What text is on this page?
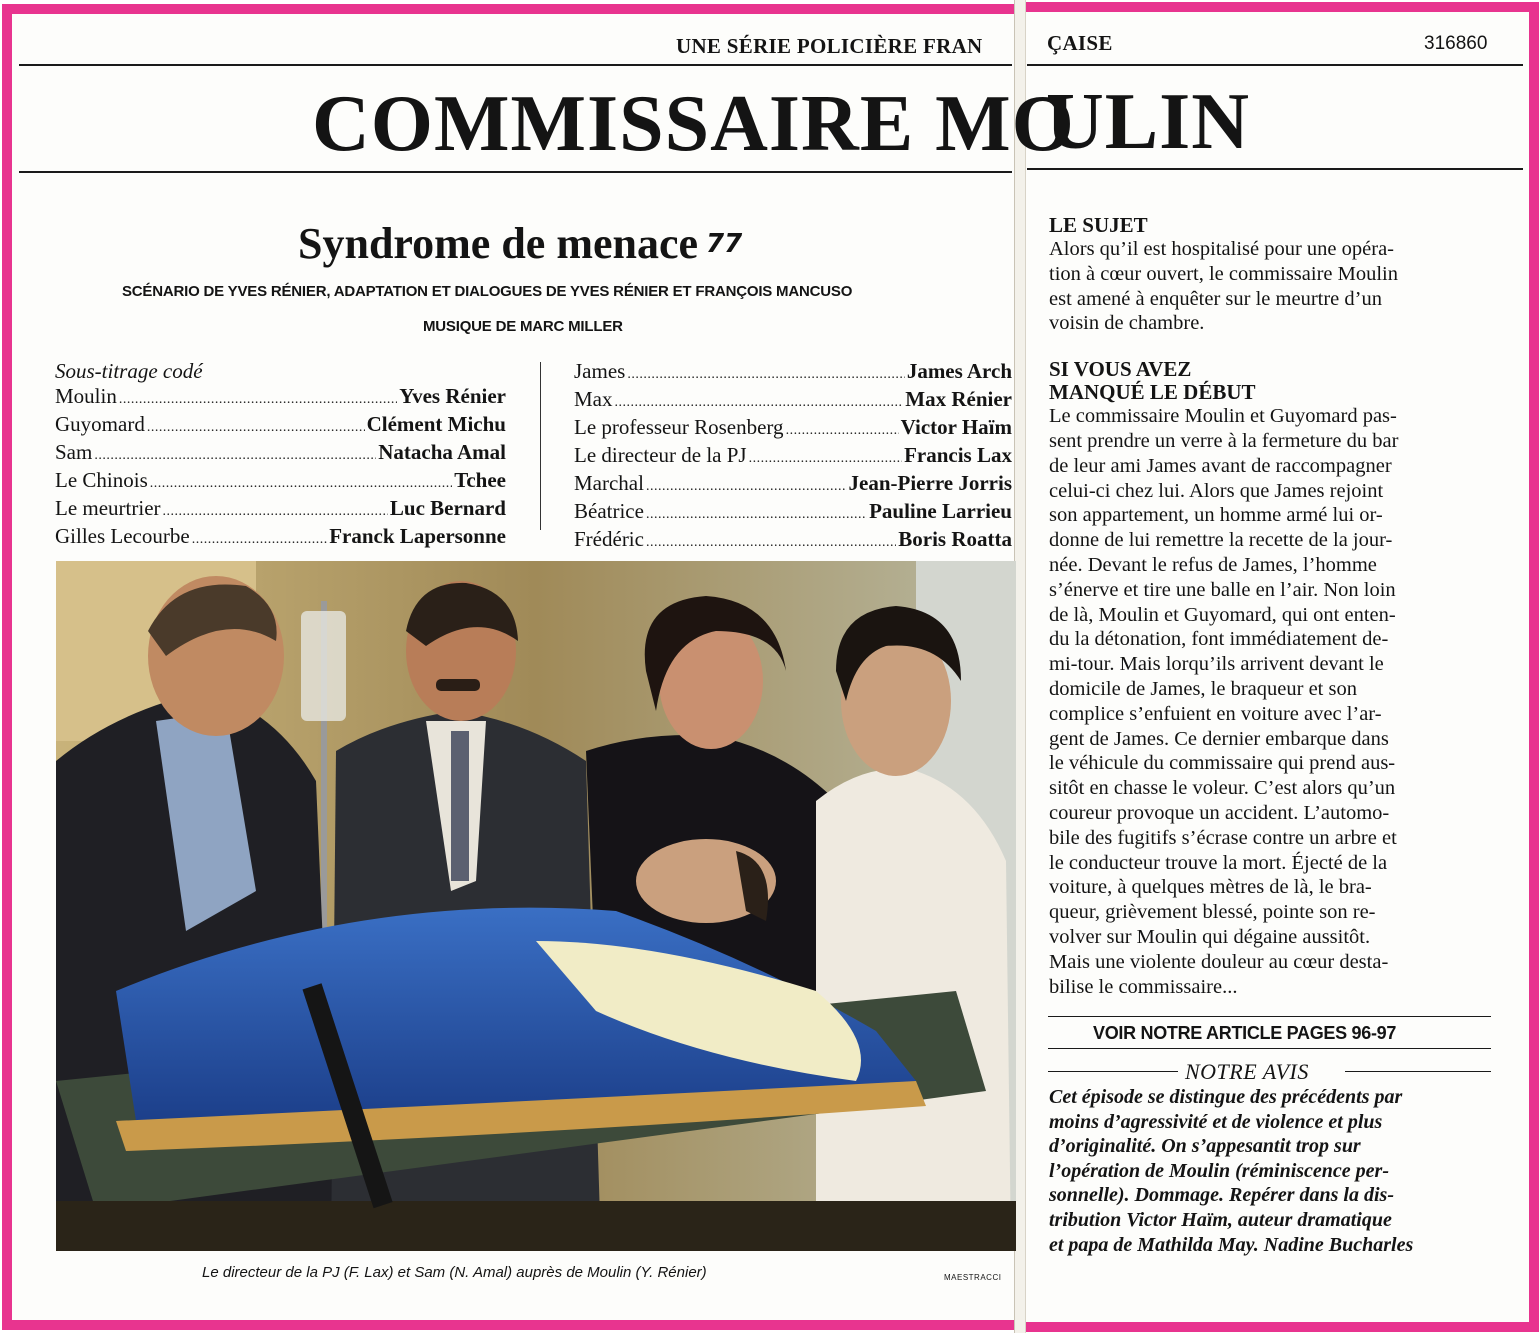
UNE SÉRIE POLICIÈRE FRAN	ÇAISE	316860
COMMISSAIRE MO
ULIN
Syndrome de menace 77
SCÉNARIO DE YVES RÉNIER, ADAPTATION ET DIALOGUES DE YVES RÉNIER ET FRANÇOIS MANCUSO
MUSIQUE DE MARC MILLER
Sous-titrage codé
Moulin .....	Yves Rénier
Guyomard .....	Clément Michu
Sam .....	Natacha Amal
Le Chinois .....	Tchee
Le meurtrier .....	Luc Bernard
Gilles Lecourbe .....	Franck Lapersonne
James .....	James Arch
Max .....	Max Rénier
Le professeur Rosenberg .....	Victor Haïm
Le directeur de la PJ .....	Francis Lax
Marchal .....	Jean-Pierre Jorris
Béatrice .....	Pauline Larrieu
Frédéric .....	Boris Roatta
Le directeur de la PJ (F. Lax) et Sam (N. Amal) auprès de Moulin (Y. Rénier)	MAESTRACCI
LE SUJET
Alors qu’il est hospitalisé pour une opéra-
tion à cœur ouvert, le commissaire Moulin
est amené à enquêter sur le meurtre d’un
voisin de chambre.
SI VOUS AVEZ
MANQUÉ LE DÉBUT
Le commissaire Moulin et Guyomard pas-
sent prendre un verre à la fermeture du bar
de leur ami James avant de raccompagner
celui-ci chez lui. Alors que James rejoint
son appartement, un homme armé lui or-
donne de lui remettre la recette de la jour-
née. Devant le refus de James, l’homme
s’énerve et tire une balle en l’air. Non loin
de là, Moulin et Guyomard, qui ont enten-
du la détonation, font immédiatement de-
mi-tour. Mais lorqu’ils arrivent devant le
domicile de James, le braqueur et son
complice s’enfuient en voiture avec l’ar-
gent de James. Ce dernier embarque dans
le véhicule du commissaire qui prend aus-
sitôt en chasse le voleur. C’est alors qu’un
coureur provoque un accident. L’automo-
bile des fugitifs s’écrase contre un arbre et
le conducteur trouve la mort. Éjecté de la
voiture, à quelques mètres de là, le bra-
queur, grièvement blessé, pointe son re-
volver sur Moulin qui dégaine aussitôt.
Mais une violente douleur au cœur desta-
bilise le commissaire...
VOIR NOTRE ARTICLE PAGES 96-97
NOTRE AVIS
Cet épisode se distingue des précédents par
moins d’agressivité et de violence et plus
d’originalité. On s’appesantit trop sur
l’opération de Moulin (réminiscence per-
sonnelle). Dommage. Repérer dans la dis-
tribution Victor Haïm, auteur dramatique
et papa de Mathilda May. Nadine Bucharles
